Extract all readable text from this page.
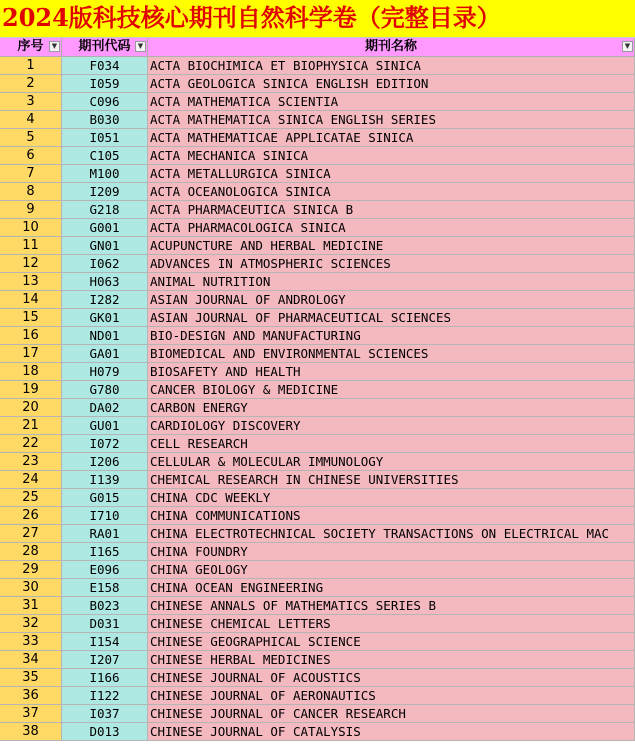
2024版科技核心期刊自然科学卷（完整目录）
序号	▼	期刊代码	▼	期刊名称	▼
1	F034	ACTA BIOCHIMICA ET BIOPHYSICA SINICA
2	I059	ACTA GEOLOGICA SINICA ENGLISH EDITION
3	C096	ACTA MATHEMATICA SCIENTIA
4	B030	ACTA MATHEMATICA SINICA ENGLISH SERIES
5	I051	ACTA MATHEMATICAE APPLICATAE SINICA
6	C105	ACTA MECHANICA SINICA
7	M100	ACTA METALLURGICA SINICA
8	I209	ACTA OCEANOLOGICA SINICA
9	G218	ACTA PHARMACEUTICA SINICA B
10	G001	ACTA PHARMACOLOGICA SINICA
11	GN01	ACUPUNCTURE AND HERBAL MEDICINE
12	I062	ADVANCES IN ATMOSPHERIC SCIENCES
13	H063	ANIMAL NUTRITION
14	I282	ASIAN JOURNAL OF ANDROLOGY
15	GK01	ASIAN JOURNAL OF PHARMACEUTICAL SCIENCES
16	ND01	BIO-DESIGN AND MANUFACTURING
17	GA01	BIOMEDICAL AND ENVIRONMENTAL SCIENCES
18	H079	BIOSAFETY AND HEALTH
19	G780	CANCER BIOLOGY & MEDICINE
20	DA02	CARBON ENERGY
21	GU01	CARDIOLOGY DISCOVERY
22	I072	CELL RESEARCH
23	I206	CELLULAR & MOLECULAR IMMUNOLOGY
24	I139	CHEMICAL RESEARCH IN CHINESE UNIVERSITIES
25	G015	CHINA CDC WEEKLY
26	I710	CHINA COMMUNICATIONS
27	RA01	CHINA ELECTROTECHNICAL SOCIETY TRANSACTIONS ON ELECTRICAL MAC
28	I165	CHINA FOUNDRY
29	E096	CHINA GEOLOGY
30	E158	CHINA OCEAN ENGINEERING
31	B023	CHINESE ANNALS OF MATHEMATICS SERIES B
32	D031	CHINESE CHEMICAL LETTERS
33	I154	CHINESE GEOGRAPHICAL SCIENCE
34	I207	CHINESE HERBAL MEDICINES
35	I166	CHINESE JOURNAL OF ACOUSTICS
36	I122	CHINESE JOURNAL OF AERONAUTICS
37	I037	CHINESE JOURNAL OF CANCER RESEARCH
38	D013	CHINESE JOURNAL OF CATALYSIS
